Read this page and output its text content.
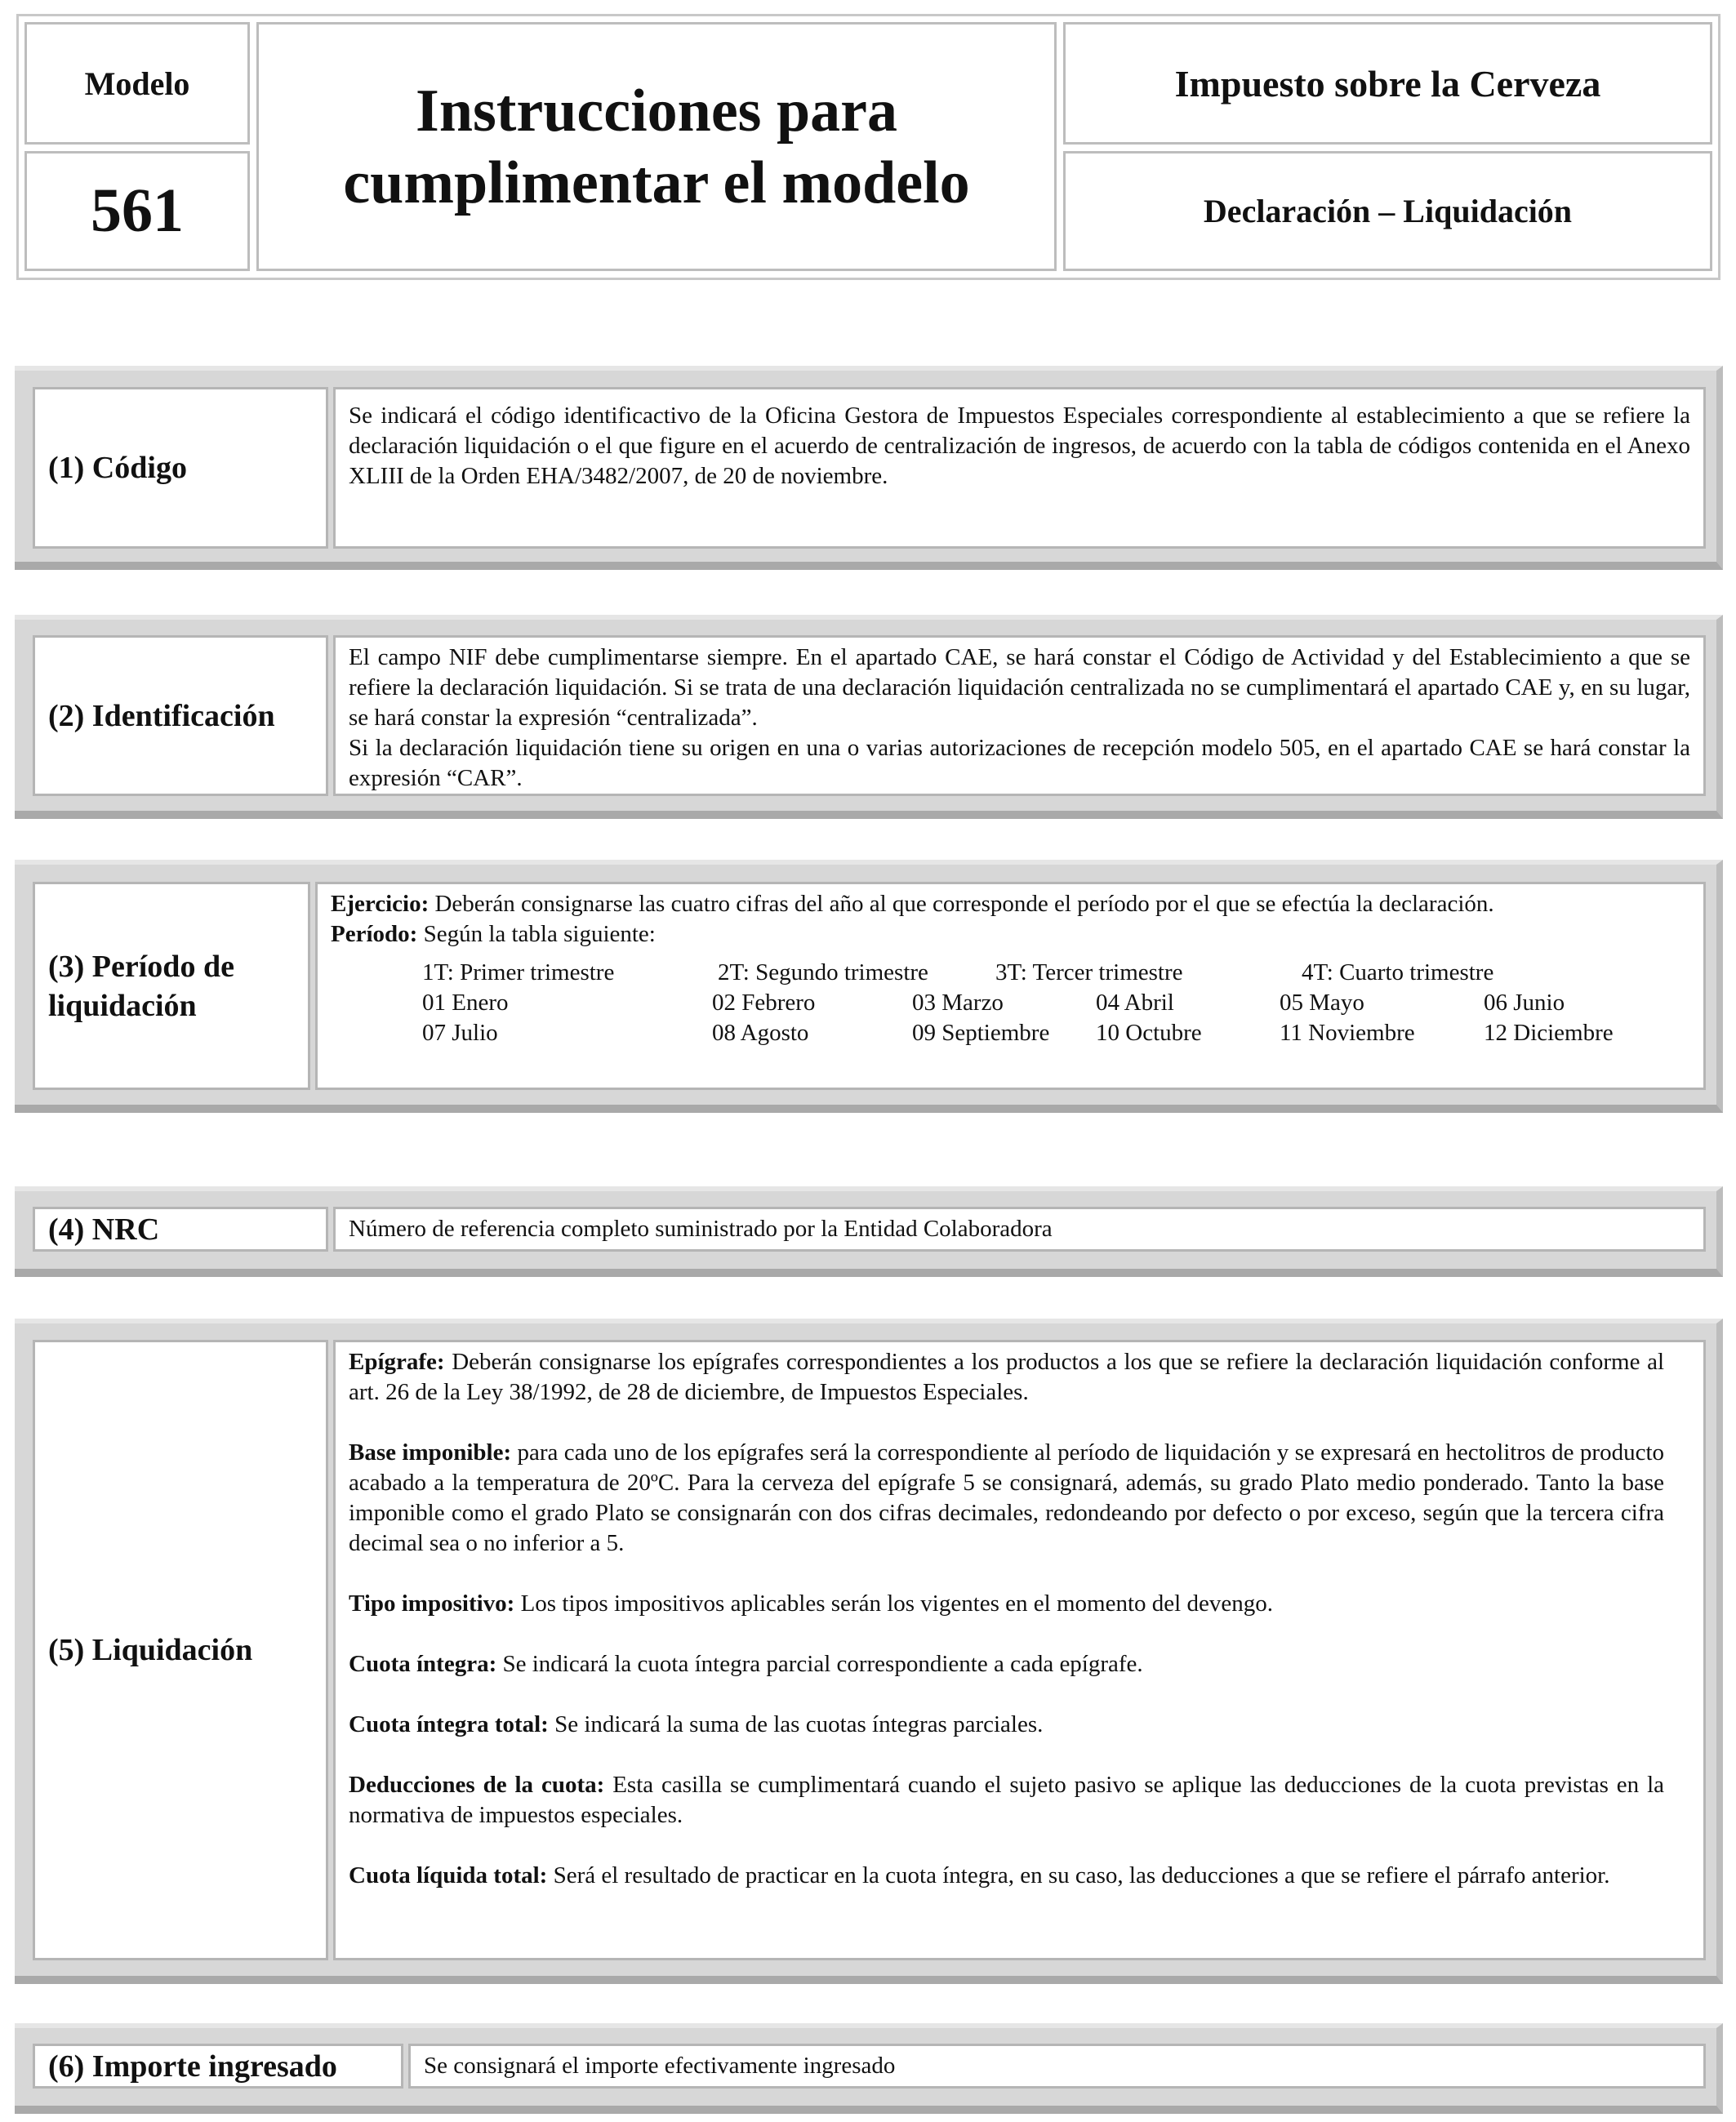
Modelo
561
Instrucciones para cumplimentar el modelo
Impuesto sobre la Cerveza
Declaración – Liquidación
(1) Código

Se indicará el código identificactivo de la Oficina Gestora de Impuestos Especiales correspondiente al establecimiento a que se refiere la declaración liquidación o el que figure en el acuerdo de centralización de ingresos, de acuerdo con la tabla de códigos contenida en el Anexo XLIII de la Orden EHA/3482/2007, de 20 de noviembre.

(2) Identificación

El campo NIF debe cumplimentarse siempre. En el apartado CAE, se hará constar el Código de Actividad y del Establecimiento a que se refiere la declaración liquidación. Si se trata de una declaración liquidación centralizada no se cumplimentará el apartado CAE y, en su lugar, se hará constar la expresión “centralizada”.

Si la declaración liquidación tiene su origen en una o varias autorizaciones de recepción modelo 505, en el apartado CAE se hará constar la expresión “CAR”.

(3) Período de liquidación

Ejercicio: Deberán consignarse las cuatro cifras del año al que corresponde el período por el que se efectúa la declaración.

Período: Según la tabla siguiente:

1T: Primer trimestre	2T: Segundo trimestre	3T: Tercer trimestre	4T: Cuarto trimestre
01 Enero	02 Febrero	03 Marzo	04 Abril	05 Mayo	06 Junio
07 Julio	08 Agosto	09 Septiembre	10 Octubre	11 Noviembre	12 Diciembre
(4) NRC	Número de referencia completo suministrado por la Entidad Colaboradora

(5) Liquidación

Epígrafe: Deberán consignarse los epígrafes correspondientes a los productos a los que se refiere la declaración liquidación conforme al art. 26 de la Ley 38/1992, de 28 de diciembre, de Impuestos Especiales.

Base imponible: para cada uno de los epígrafes será la correspondiente al período de liquidación y se expresará en hectolitros de producto acabado a la temperatura de 20ºC. Para la cerveza del epígrafe 5 se consignará, además, su grado Plato medio ponderado. Tanto la base imponible como el grado Plato se consignarán con dos cifras decimales, redondeando por defecto o por exceso, según que la tercera cifra decimal sea o no inferior a 5.

Tipo impositivo: Los tipos impositivos aplicables serán los vigentes en el momento del devengo.

Cuota íntegra: Se indicará la cuota íntegra parcial correspondiente a cada epígrafe.

Cuota íntegra total: Se indicará la suma de las cuotas íntegras parciales.

Deducciones de la cuota: Esta casilla se cumplimentará cuando el sujeto pasivo se aplique las deducciones de la cuota previstas en la normativa de impuestos especiales.

Cuota líquida total: Será el resultado de practicar en la cuota íntegra, en su caso, las deducciones a que se refiere el párrafo anterior.

(6) Importe ingresado	Se consignará el importe efectivamente ingresado
